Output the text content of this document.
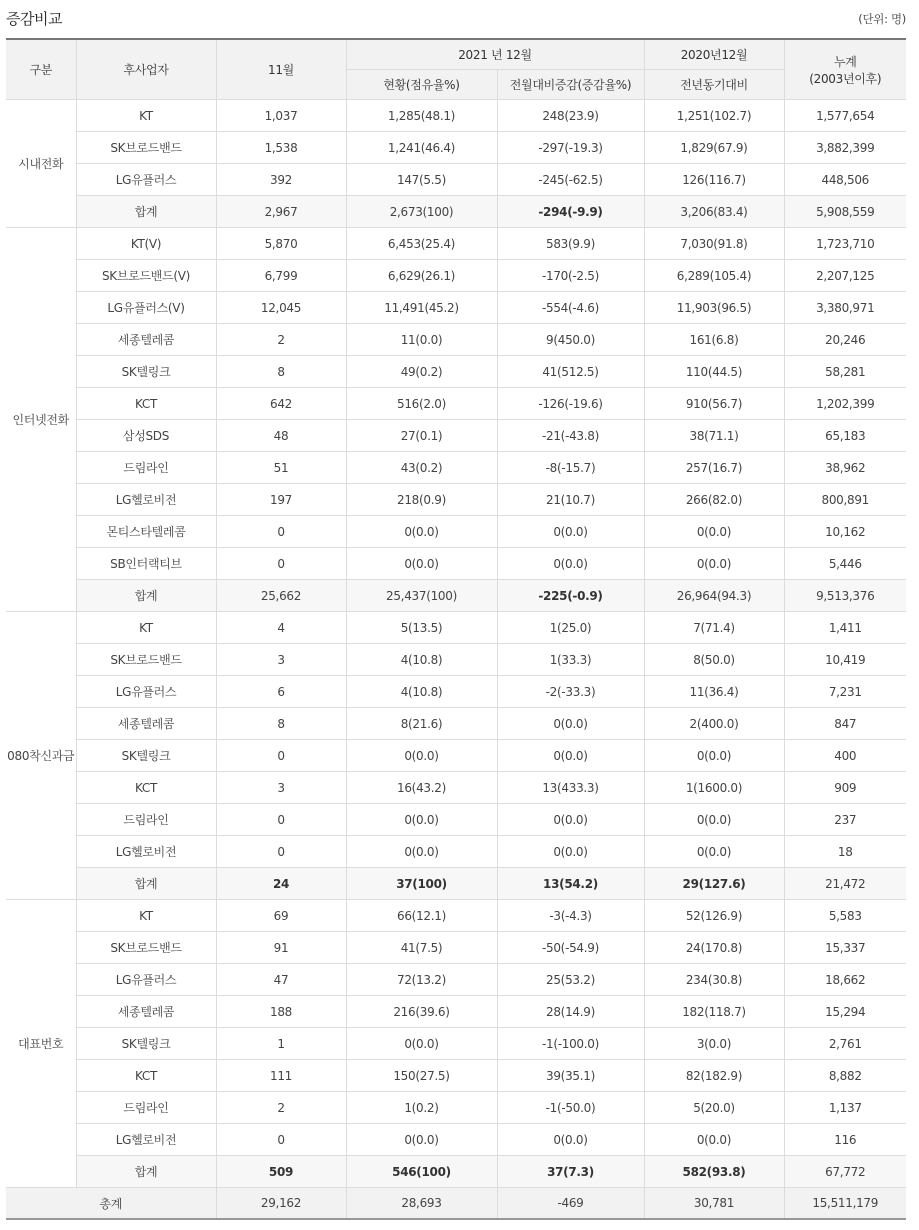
증감비교	(단위: 명)
구분	후사업자	11월	2021 년 12월		2020년12월	누계
(2003년이후)
			현황(점유율%)	전월대비증감(증감율%)	전년동기대비	
시내전화	KT	1,037	1,285(48.1)	248(23.9)	1,251(102.7)	1,577,654
	SK브로드밴드	1,538	1,241(46.4)	-297(-19.3)	1,829(67.9)	3,882,399
	LG유플러스	392	147(5.5)	-245(-62.5)	126(116.7)	448,506
	합계	2,967	2,673(100)	-294(-9.9)	3,206(83.4)	5,908,559
인터넷전화	KT(V)	5,870	6,453(25.4)	583(9.9)	7,030(91.8)	1,723,710
	SK브로드밴드(V)	6,799	6,629(26.1)	-170(-2.5)	6,289(105.4)	2,207,125
	LG유플러스(V)	12,045	11,491(45.2)	-554(-4.6)	11,903(96.5)	3,380,971
	세종텔레콤	2	11(0.0)	9(450.0)	161(6.8)	20,246
	SK텔링크	8	49(0.2)	41(512.5)	110(44.5)	58,281
	KCT	642	516(2.0)	-126(-19.6)	910(56.7)	1,202,399
	삼성SDS	48	27(0.1)	-21(-43.8)	38(71.1)	65,183
	드림라인	51	43(0.2)	-8(-15.7)	257(16.7)	38,962
	LG헬로비전	197	218(0.9)	21(10.7)	266(82.0)	800,891
	몬티스타텔레콤	0	0(0.0)	0(0.0)	0(0.0)	10,162
	SB인터랙티브	0	0(0.0)	0(0.0)	0(0.0)	5,446
	합계	25,662	25,437(100)	-225(-0.9)	26,964(94.3)	9,513,376
080착신과금	KT	4	5(13.5)	1(25.0)	7(71.4)	1,411
	SK브로드밴드	3	4(10.8)	1(33.3)	8(50.0)	10,419
	LG유플러스	6	4(10.8)	-2(-33.3)	11(36.4)	7,231
	세종텔레콤	8	8(21.6)	0(0.0)	2(400.0)	847
	SK텔링크	0	0(0.0)	0(0.0)	0(0.0)	400
	KCT	3	16(43.2)	13(433.3)	1(1600.0)	909
	드림라인	0	0(0.0)	0(0.0)	0(0.0)	237
	LG헬로비전	0	0(0.0)	0(0.0)	0(0.0)	18
	합계	24	37(100)	13(54.2)	29(127.6)	21,472
대표번호	KT	69	66(12.1)	-3(-4.3)	52(126.9)	5,583
	SK브로드밴드	91	41(7.5)	-50(-54.9)	24(170.8)	15,337
	LG유플러스	47	72(13.2)	25(53.2)	234(30.8)	18,662
	세종텔레콤	188	216(39.6)	28(14.9)	182(118.7)	15,294
	SK텔링크	1	0(0.0)	-1(-100.0)	3(0.0)	2,761
	KCT	111	150(27.5)	39(35.1)	82(182.9)	8,882
	드림라인	2	1(0.2)	-1(-50.0)	5(20.0)	1,137
	LG헬로비전	0	0(0.0)	0(0.0)	0(0.0)	116
	합계	509	546(100)	37(7.3)	582(93.8)	67,772
총계		29,162	28,693	-469	30,781	15,511,179
